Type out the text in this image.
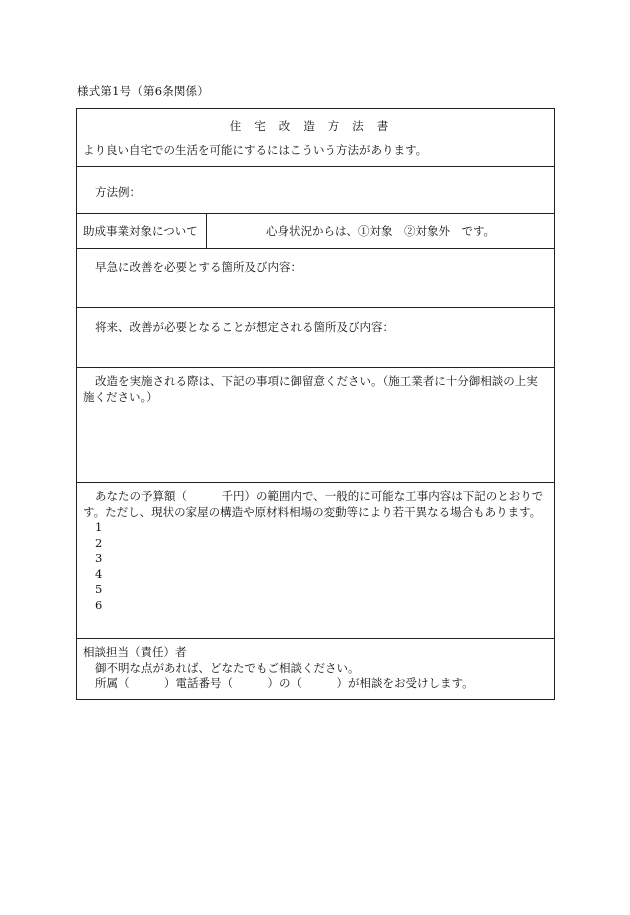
様式第1号（第6条関係）
住宅改造方法書
より良い自宅での生活を可能にするにはこういう方法があります。
方法例：
助成事業対象について	心身状況からは、①対象　②対象外　です。
早急に改善を必要とする箇所及び内容：
将来、改善が必要となることが想定される箇所及び内容：

改造を実施される際は、下記の事項に御留意ください。（施工業者に十分御相談の上実施ください。）

あなたの予算額（　　　千円）の範囲内で、一般的に可能な工事内容は下記のとおりです。ただし、現状の家屋の構造や原材料相場の変動等により若干異なる場合もあります。

1
2
3
4
5
6
相談担当（責任）者
御不明な点があれば、どなたでもご相談ください。
所属（　　　）電話番号（　　　）の（　　　）が相談をお受けします。
